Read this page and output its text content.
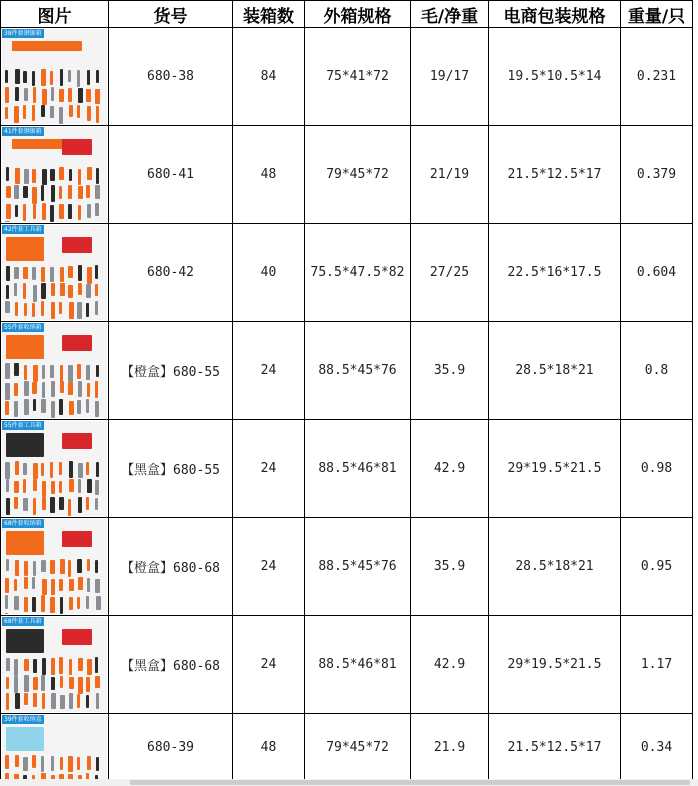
图片	货号	装箱数	外箱规格	毛/净重	电商包装规格	重量/只

38件套钢锯箱	680-38	84	75*41*72	19/17	19.5*10.5*14	0.231

41件套钢锯箱	680-41	48	79*45*72	21/19	21.5*12.5*17	0.379

42件套工具箱	680-42	40	75.5*47.5*82	27/25	22.5*16*17.5	0.604

55件套收纳箱	【橙盒】680-55	24	88.5*45*76	35.9	28.5*18*21	0.8

55件套工具箱	【黑盒】680-55	24	88.5*46*81	42.9	29*19.5*21.5	0.98

68件套收纳箱	【橙盒】680-68	24	88.5*45*76	35.9	28.5*18*21	0.95

68件套工具箱	【黑盒】680-68	24	88.5*46*81	42.9	29*19.5*21.5	1.17

39件套收纳盒	680-39	48	79*45*72	21.9	21.5*12.5*17	0.34
